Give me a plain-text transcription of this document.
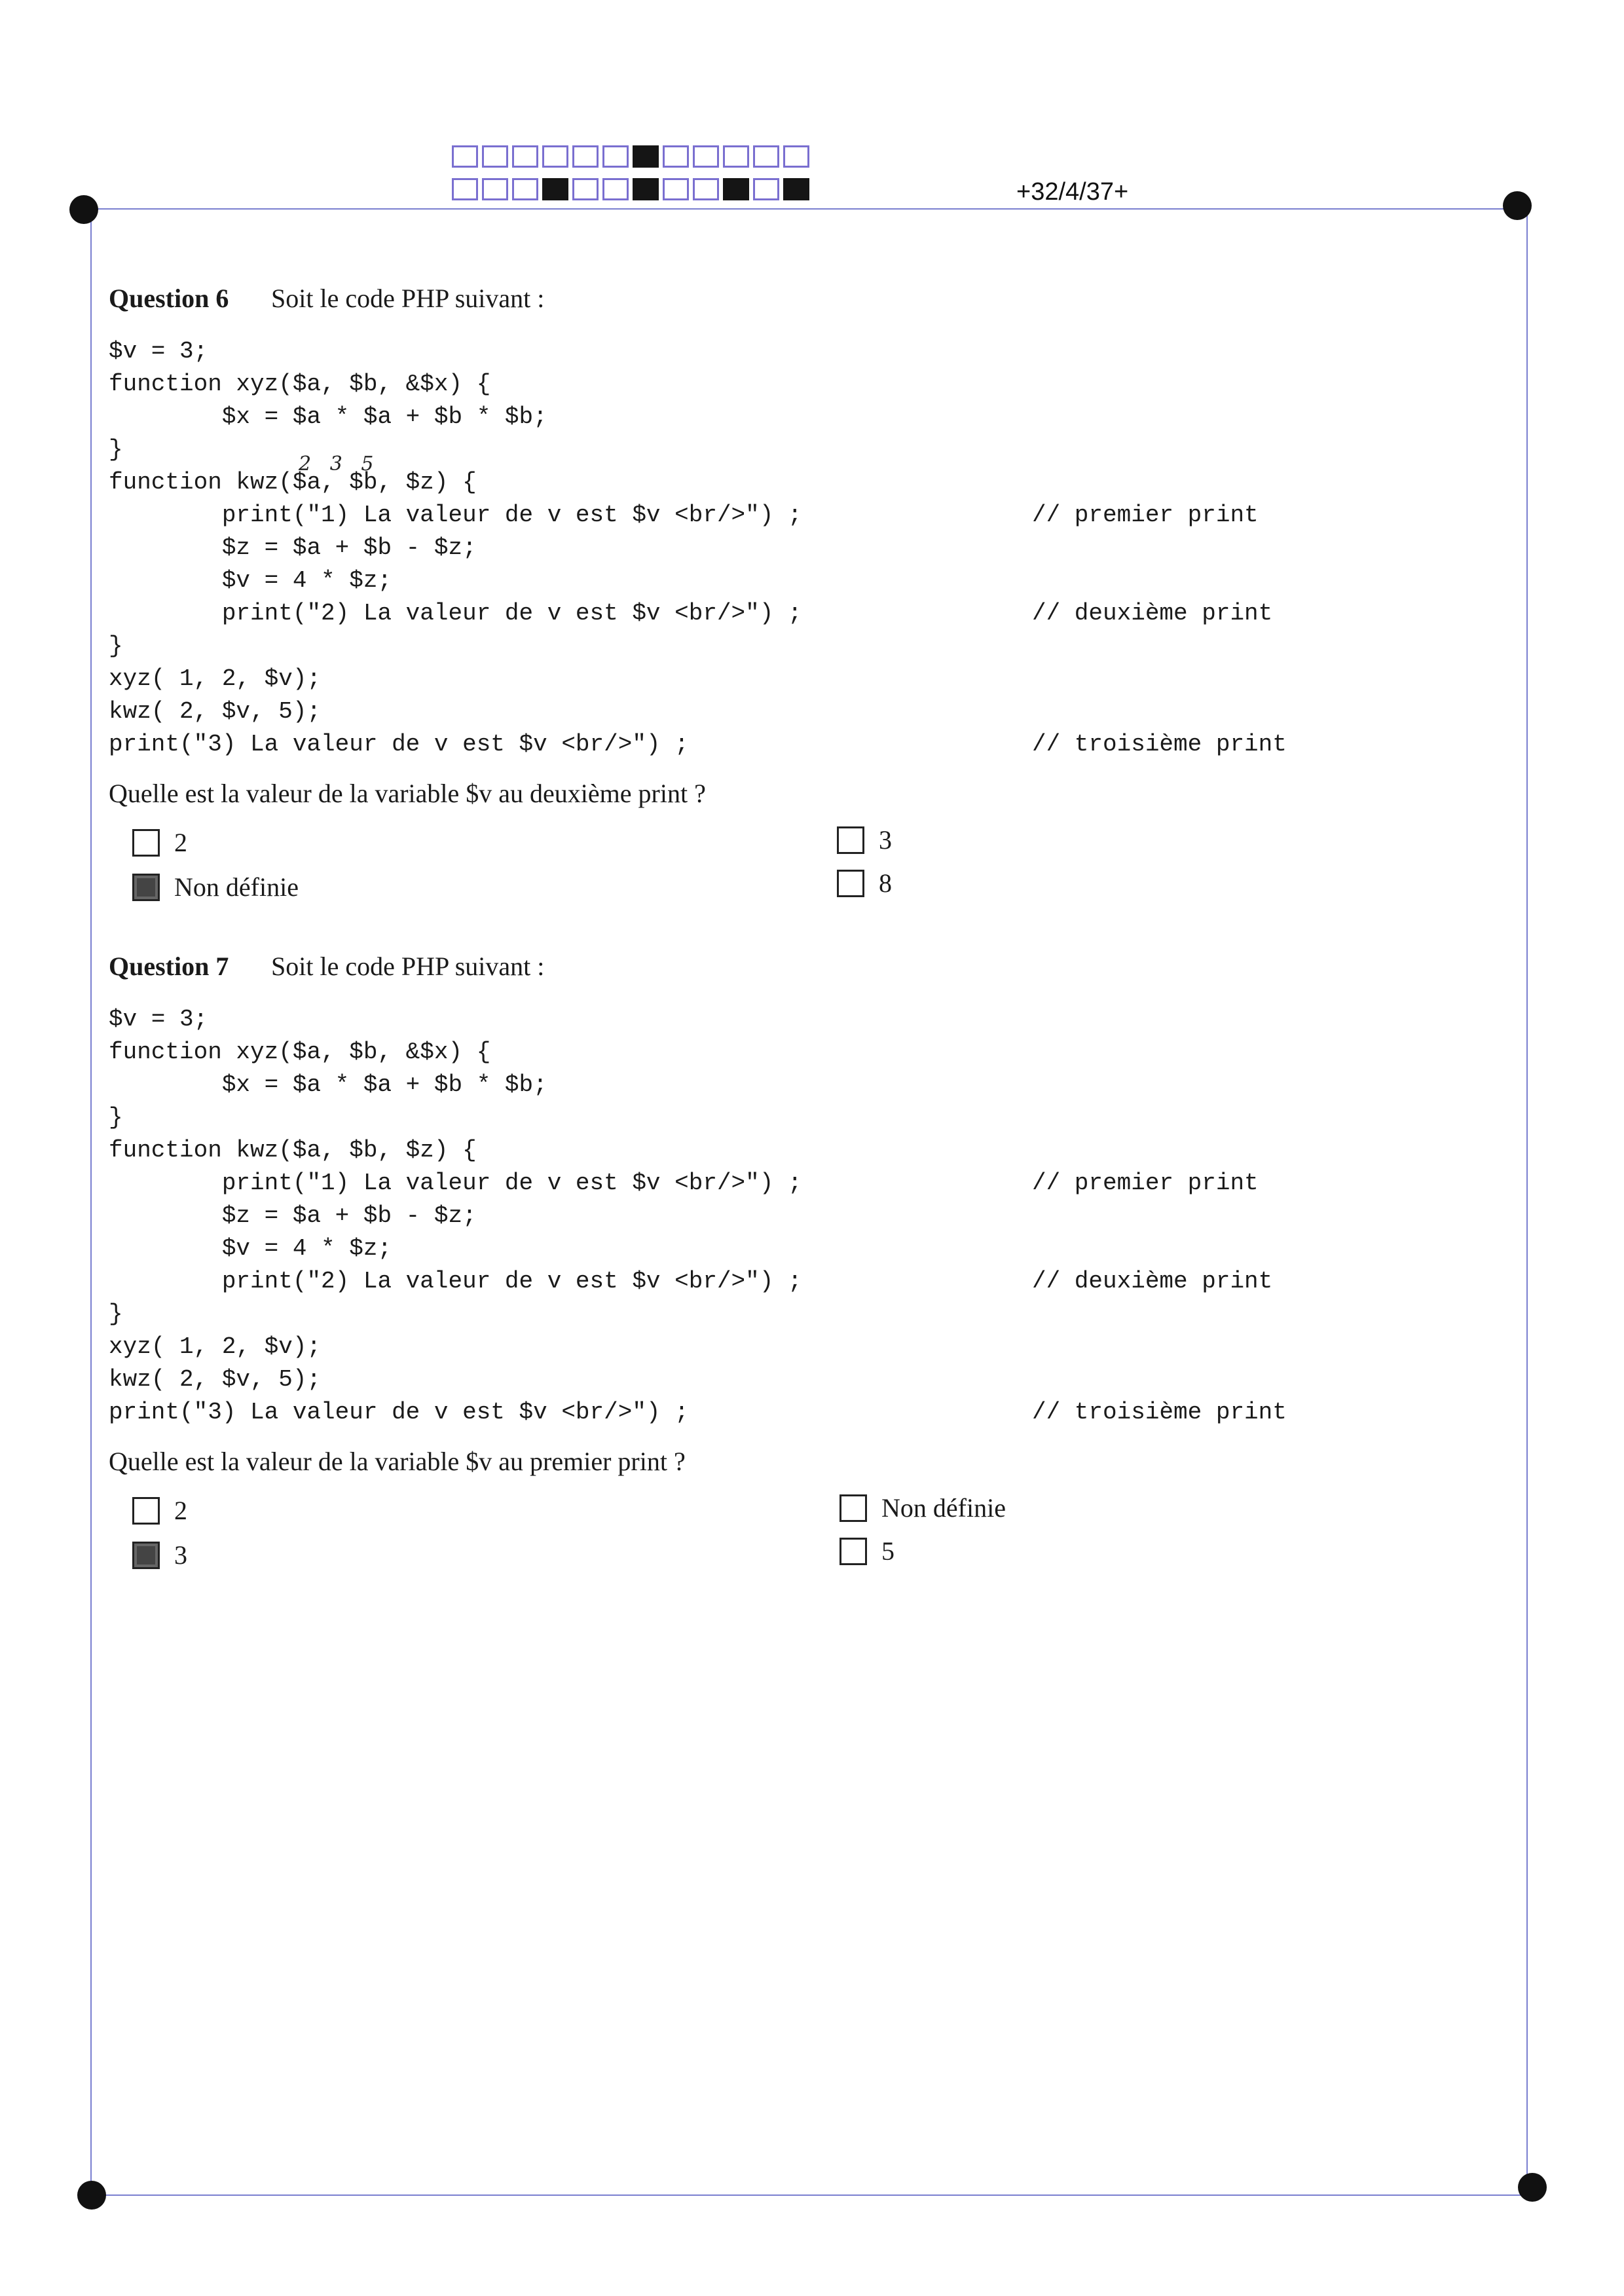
+32/4/37+
Question 6	Soit le code PHP suivant :
$v = 3;
function xyz($a, $b, &$x) {
$x = $a * $a + $b * $b;
}
2   3   5
function kwz($a, $b, $z) {
print("1) La valeur de v est $v <br/>") ;	// premier print
$z = $a + $b - $z;
$v = 4 * $z;
print("2) La valeur de v est $v <br/>") ;	// deuxième print
}
xyz( 1, 2, $v);
kwz( 2, $v, 5);
print("3) La valeur de v est $v <br/>") ;	// troisième print
Quelle est la valeur de la variable $v au deuxième print ?
2
Non définie
3
8
Question 7	Soit le code PHP suivant :
$v = 3;
function xyz($a, $b, &$x) {
$x = $a * $a + $b * $b;
}
function kwz($a, $b, $z) {
print("1) La valeur de v est $v <br/>") ;	// premier print
$z = $a + $b - $z;
$v = 4 * $z;
print("2) La valeur de v est $v <br/>") ;	// deuxième print
}
xyz( 1, 2, $v);
kwz( 2, $v, 5);
print("3) La valeur de v est $v <br/>") ;	// troisième print
Quelle est la valeur de la variable $v au premier print ?
2
3
Non définie
5
